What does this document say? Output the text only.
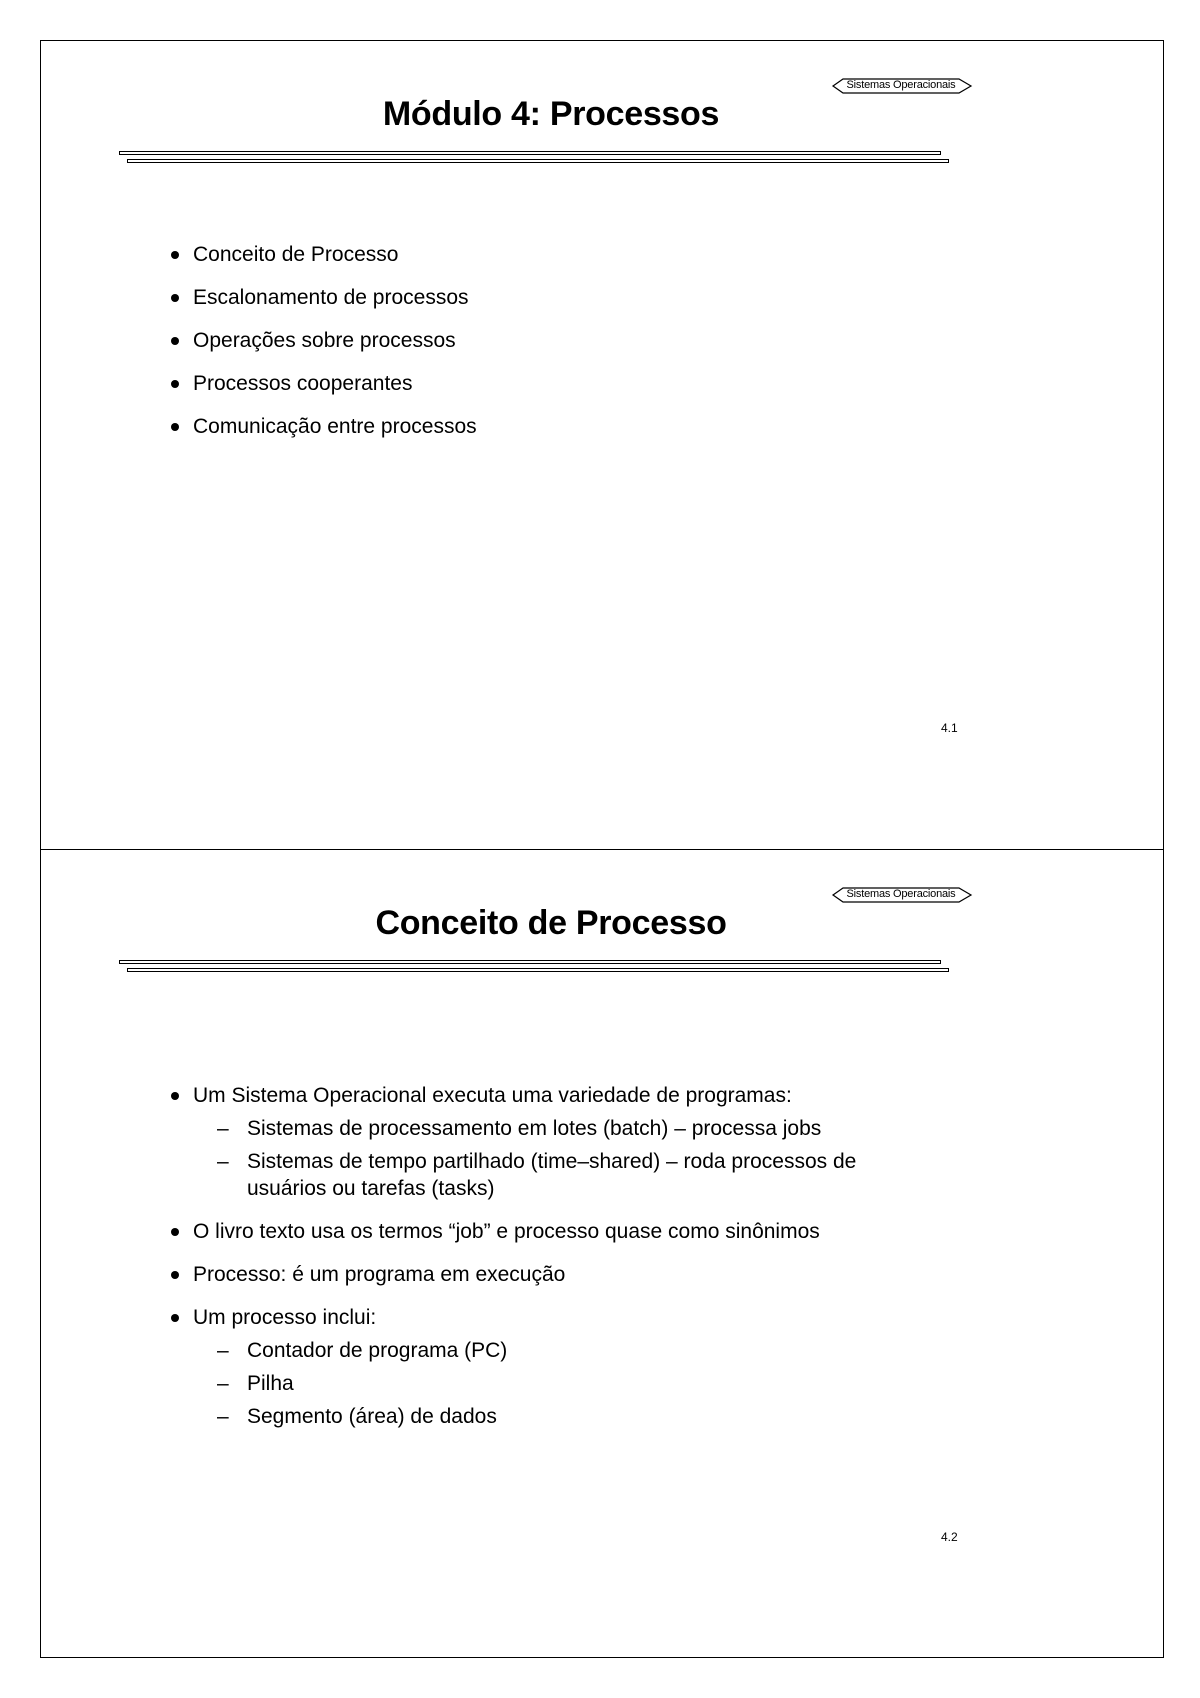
Sistemas Operacionais
Módulo 4: Processos
Conceito de Processo
Escalonamento de processos
Operações sobre processos
Processos cooperantes
Comunicação entre processos
4.1
Sistemas Operacionais
Conceito de Processo
Um Sistema Operacional executa uma variedade de programas:
– Sistemas de processamento em lotes (batch) – processa jobs
– Sistemas de tempo partilhado (time–shared) – roda processos de usuários ou tarefas (tasks)
O livro texto usa os termos “job” e processo quase como sinônimos
Processo: é um programa em execução
Um processo inclui:
– Contador de programa (PC)
– Pilha
– Segmento (área) de dados
4.2
